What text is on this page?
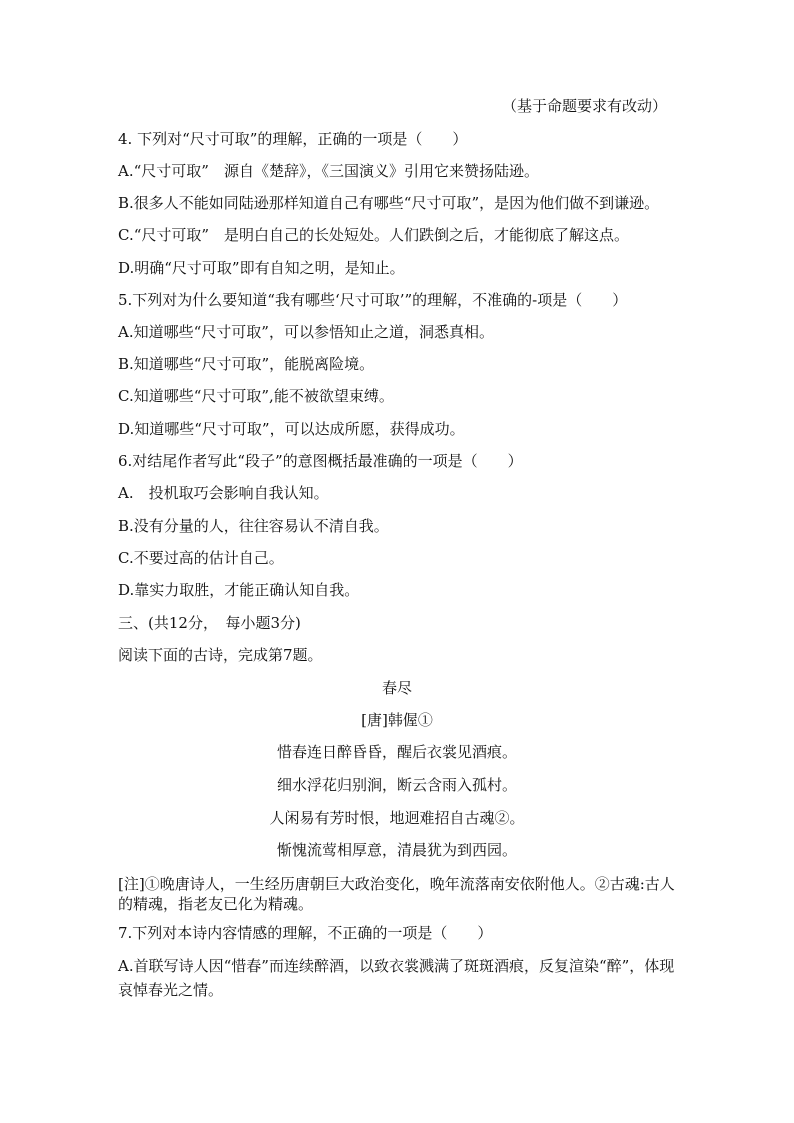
（基于命题要求有改动）

4. 下列对“尺寸可取”的理解，正确的一项是（　　）

A.“尺寸可取”　源自《楚辞》，《三国演义》引用它来赞扬陆逊。

B.很多人不能如同陆逊那样知道自己有哪些“尺寸可取”，是因为他们做不到谦逊。

C.“尺寸可取”　是明白自己的长处短处。人们跌倒之后，才能彻底了解这点。

D.明确“尺寸可取”即有自知之明，是知止。

5.下列对为什么要知道“我有哪些‘尺寸可取’”的理解，不准确的-项是（　　）

A.知道哪些“尺寸可取”，可以参悟知止之道，洞悉真相。

B.知道哪些“尺寸可取”，能脱离险境。

C.知道哪些“尺寸可取”,能不被欲望束缚。

D.知道哪些“尺寸可取”，可以达成所愿，获得成功。

6.对结尾作者写此“段子”的意图概括最准确的一项是（　　）

A.　投机取巧会影响自我认知。

B.没有分量的人，往往容易认不清自我。

C.不要过高的估计自己。

D.靠实力取胜，才能正确认知自我。

三、(共12分，　每小题3分)

阅读下面的古诗，完成第7题。

春尽
[唐]韩偓①
惜春连日醉昏昏，醒后衣裳见酒痕。
细水浮花归别涧，断云含雨入孤村。
人闲易有芳时恨，地迥难招自古魂②。
惭愧流莺相厚意，清晨犹为到西园。
[注]①晚唐诗人，一生经历唐朝巨大政治变化，晚年流落南安依附他人。②古魂:古人的精魂，指老友已化为精魂。

7.下列对本诗内容情感的理解，不正确的一项是（　　）

A.首联写诗人因“惜春”而连续醉酒，以致衣裳溅满了斑斑酒痕，反复渲染“醉”，体现哀悼春光之情。
